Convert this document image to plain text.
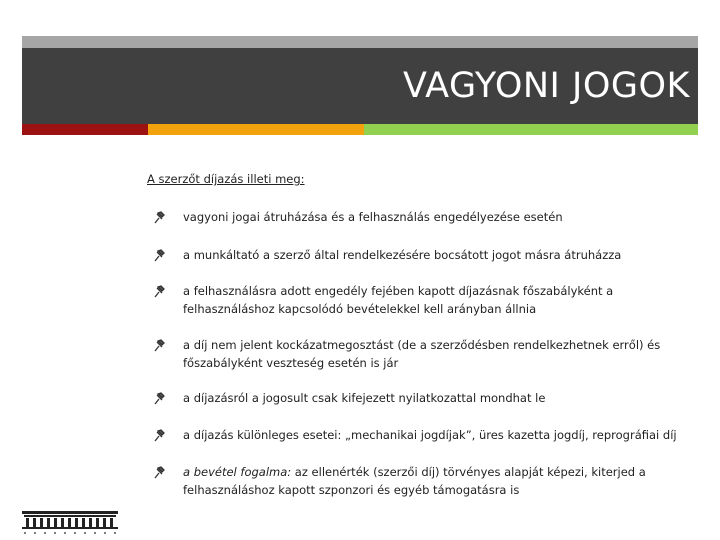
VAGYONI JOGOK

A szerzőt díjazás illeti meg:

vagyoni jogai átruházása és a felhasználás engedélyezése esetén
a munkáltató a szerző által rendelkezésére bocsátott jogot másra átruházza
a felhasználásra adott engedély fejében kapott díjazásnak főszabályként a felhasználáshoz kapcsolódó bevételekkel kell arányban állnia
a díj nem jelent kockázatmegosztást (de a szerződésben rendelkezhetnek erről) és főszabályként veszteség esetén is jár
a díjazásról a jogosult csak kifejezett nyilatkozattal mondhat le
a díjazás különleges esetei: „mechanikai jogdíjak”, üres kazetta jogdíj, reprográfiai díj
a bevétel fogalma: az ellenérték (szerzői díj) törvényes alapját képezi, kiterjed a felhasználáshoz kapott szponzori és egyéb támogatásra is
